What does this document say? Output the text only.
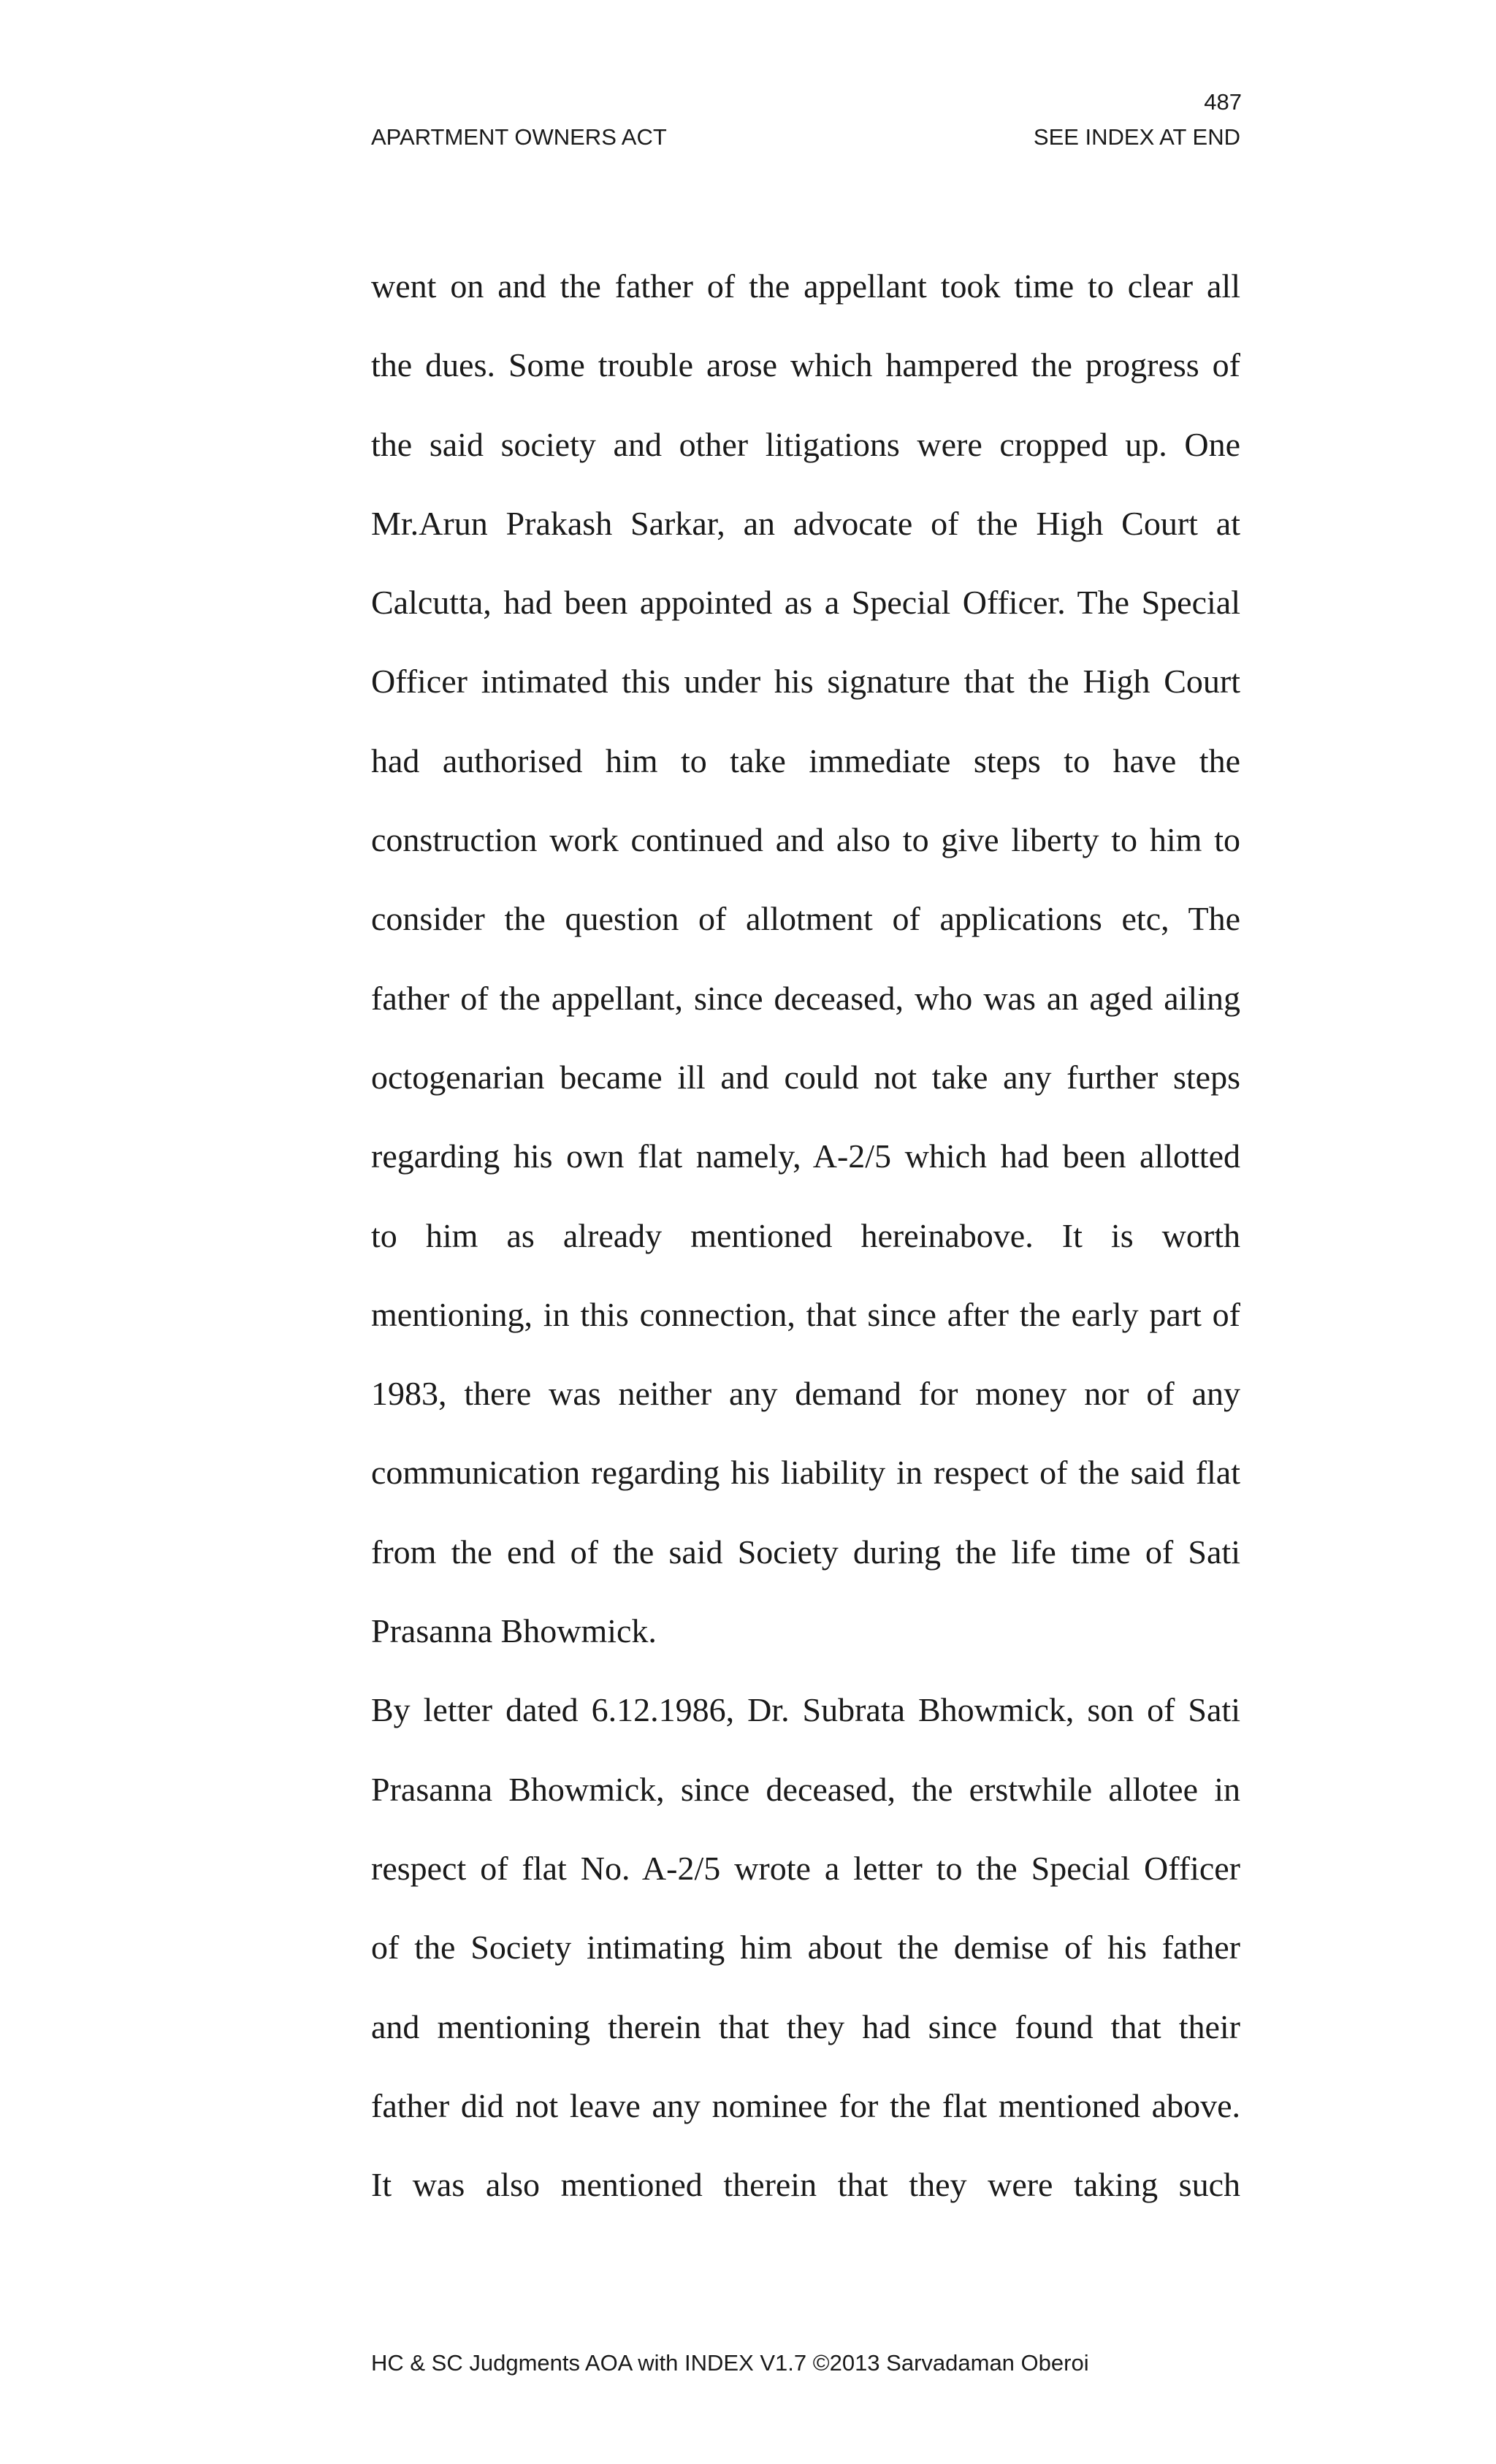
487
APARTMENT OWNERS ACT	SEE INDEX AT END
went on and the father of the appellant took time to clear all
the dues. Some trouble arose which hampered the progress of
the said society and other litigations were cropped up. One
Mr.Arun Prakash Sarkar, an advocate of the High Court at
Calcutta, had been appointed as a Special Officer. The Special
Officer intimated this under his signature that the High Court
had authorised him to take immediate steps to have the
construction work continued and also to give liberty to him to
consider the question of allotment of applications etc, The
father of the appellant, since deceased, who was an aged ailing
octogenarian became ill and could not take any further steps
regarding his own flat namely, A-2/5 which had been allotted
to him as already mentioned hereinabove. It is worth
mentioning, in this connection, that since after the early part of
1983, there was neither any demand for money nor of any
communication regarding his liability in respect of the said flat
from the end of the said Society during the life time of Sati
Prasanna Bhowmick.
By letter dated 6.12.1986, Dr. Subrata Bhowmick, son of Sati
Prasanna Bhowmick, since deceased, the erstwhile allotee in
respect of flat No. A-2/5 wrote a letter to the Special Officer
of the Society intimating him about the demise of his father
and mentioning therein that they had since found that their
father did not leave any nominee for the flat mentioned above.
It was also mentioned therein that they were taking such
HC & SC Judgments AOA with INDEX V1.7 ©2013 Sarvadaman Oberoi
